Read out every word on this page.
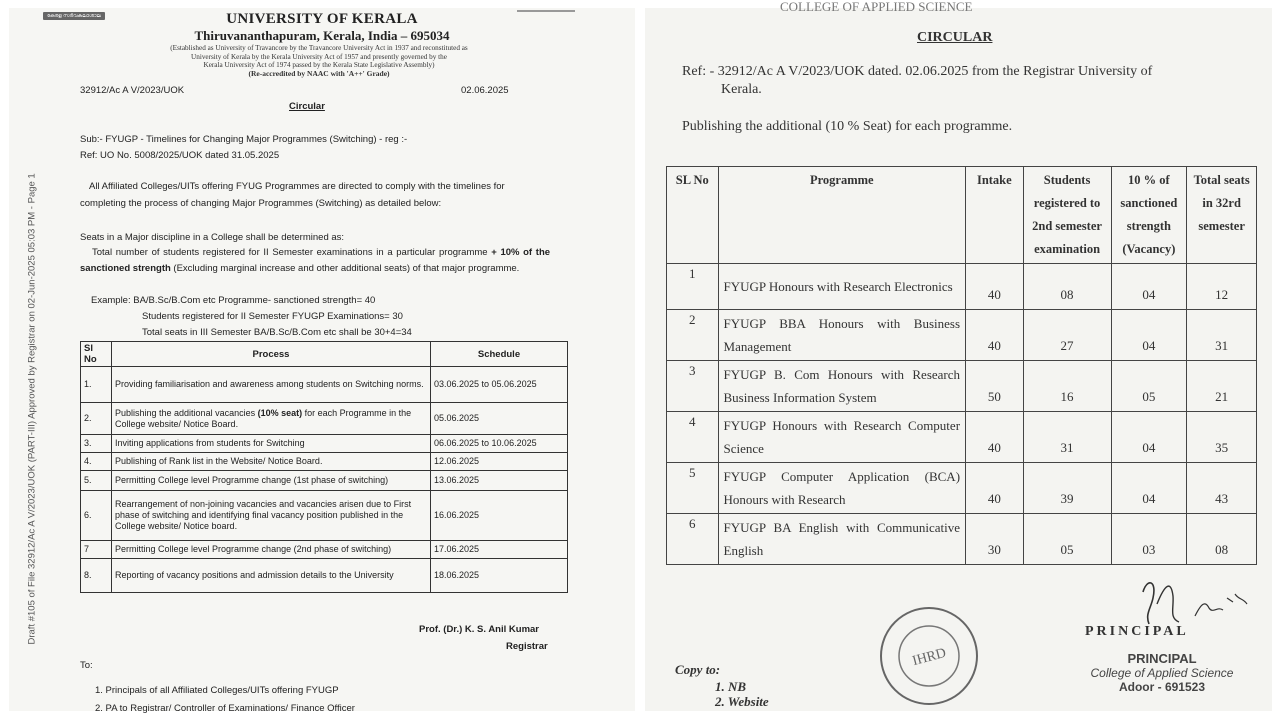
കേരള സർവകലാശാല
Draft #105 of File 32912/Ac A V/2023/UOK (PART-III) Approved by Registrar on 02-Jun-2025 05:03 PM - Page 1
UNIVERSITY OF KERALA
Thiruvananthapuram, Kerala, India – 695034
(Established as University of Travancore by the Travancore University Act in 1937 and reconstituted as
University of Kerala by the Kerala University Act of 1957 and presently governed by the
Kerala University Act of 1974 passed by the Kerala State Legislative Assembly)
(Re-accredited by NAAC with 'A++' Grade)
32912/Ac A V/2023/UOK	02.06.2025
Circular
Sub:- FYUGP - Timelines for Changing Major Programmes (Switching) - reg :-
Ref: UO No. 5008/2025/UOK dated 31.05.2025
All Affiliated Colleges/UITs offering FYUG Programmes are directed to comply with the timelines for
completing the process of changing Major Programmes (Switching) as detailed below:
Seats in a Major discipline in a College shall be determined as:
Total number of students registered for II Semester examinations in a particular programme + 10% of the sanctioned strength (Excluding marginal increase and other additional seats) of that major programme.
Example: BA/B.Sc/B.Com etc Programme- sanctioned strength= 40
Students registered for II Semester FYUGP Examinations= 30
Total seats in III Semester BA/B.Sc/B.Com etc shall be 30+4=34
Sl No	Process	Schedule
1.	Providing familiarisation and awareness among students on Switching norms.	03.06.2025 to 05.06.2025
2.	Publishing the additional vacancies (10% seat) for each Programme in the College website/ Notice Board.	05.06.2025
3.	Inviting applications from students for Switching	06.06.2025 to 10.06.2025
4.	Publishing of Rank list in the Website/ Notice Board.	12.06.2025
5.	Permitting College level Programme change (1st phase of switching)	13.06.2025
6.	Rearrangement of non-joining vacancies and vacancies arisen due to First phase of switching and identifying final vacancy position published in the College website/ Notice board.	16.06.2025
7	Permitting College level Programme change (2nd phase of switching)	17.06.2025
8.	Reporting of vacancy positions and admission details to the University	18.06.2025
Prof. (Dr.) K. S. Anil Kumar
Registrar
To:
1. Principals of all Affiliated Colleges/UITs offering FYUGP
2. PA to Registrar/ Controller of Examinations/ Finance Officer
COLLEGE OF APPLIED SCIENCE
CIRCULAR
Ref: - 32912/Ac A V/2023/UOK dated. 02.06.2025 from the Registrar University of
Kerala.
Publishing the additional (10 % Seat) for each programme.
SL No	Programme	Intake	Students registered to 2nd semester examination	10 % of sanctioned strength (Vacancy)	Total seats in 32rd semester
1	FYUGP Honours with Research Electronics	40	08	04	12
2	FYUGP BBA Honours with Business Management	40	27	04	31
3	FYUGP B. Com Honours with Research Business Information System	50	16	05	21
4	FYUGP Honours with Research Computer Science	40	31	04	35
5	FYUGP Computer Application (BCA) Honours with Research	40	39	04	43
6	FYUGP BA English with Communicative English	30	05	03	08
IHRD
PRINCIPAL
PRINCIPAL
College of Applied Science
Adoor - 691523
Copy to:
1. NB
2. Website
